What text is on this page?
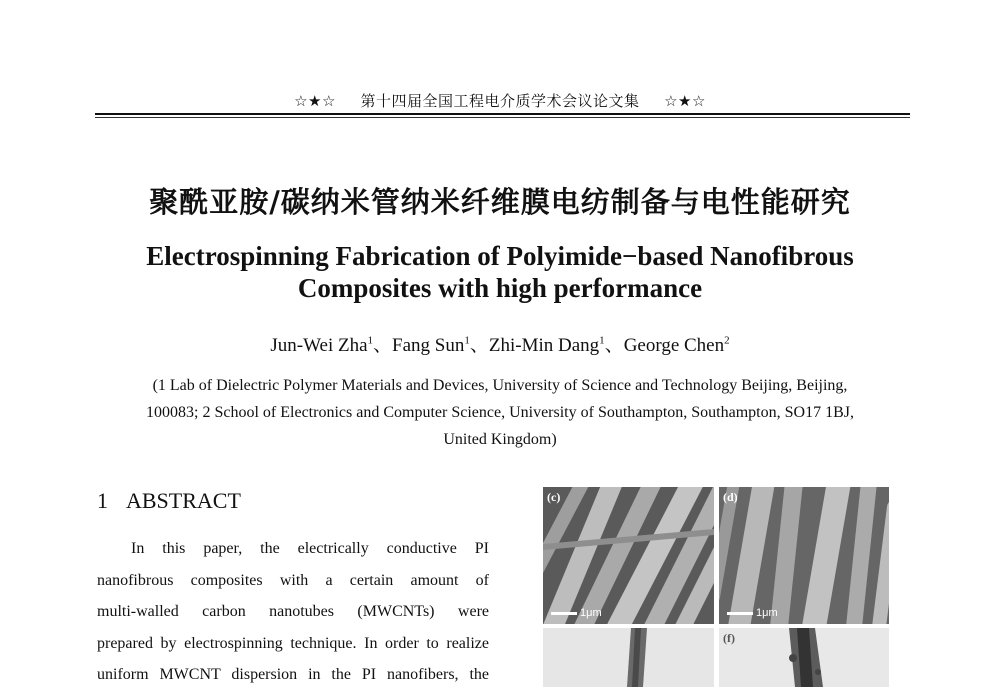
☆★☆ 第十四届全国工程电介质学术会议论文集 ☆★☆
聚酰亚胺/碳纳米管纳米纤维膜电纺制备与电性能研究
Electrospinning Fabrication of Polyimide−based Nanofibrous
Composites with high performance
Jun-Wei Zha$^1$、Fang Sun$^1$、Zhi-Min Dang$^1$、George Chen$^2$
(1 Lab of Dielectric Polymer Materials and Devices, University of Science and Technology Beijing, Beijing,
100083; 2 School of Electronics and Computer Science, University of Southampton, Southampton, SO17 1BJ,
United Kingdom)
1 ABSTRACT
In this paper, the electrically conductive PI
nanofibrous composites with a certain amount of
multi-walled carbon nanotubes (MWCNTs) were
prepared by electrospinning technique. In order to realize
uniform MWCNT dispersion in the PI nanofibers, the
(c)
1μm
(d)
1μm
(f)
